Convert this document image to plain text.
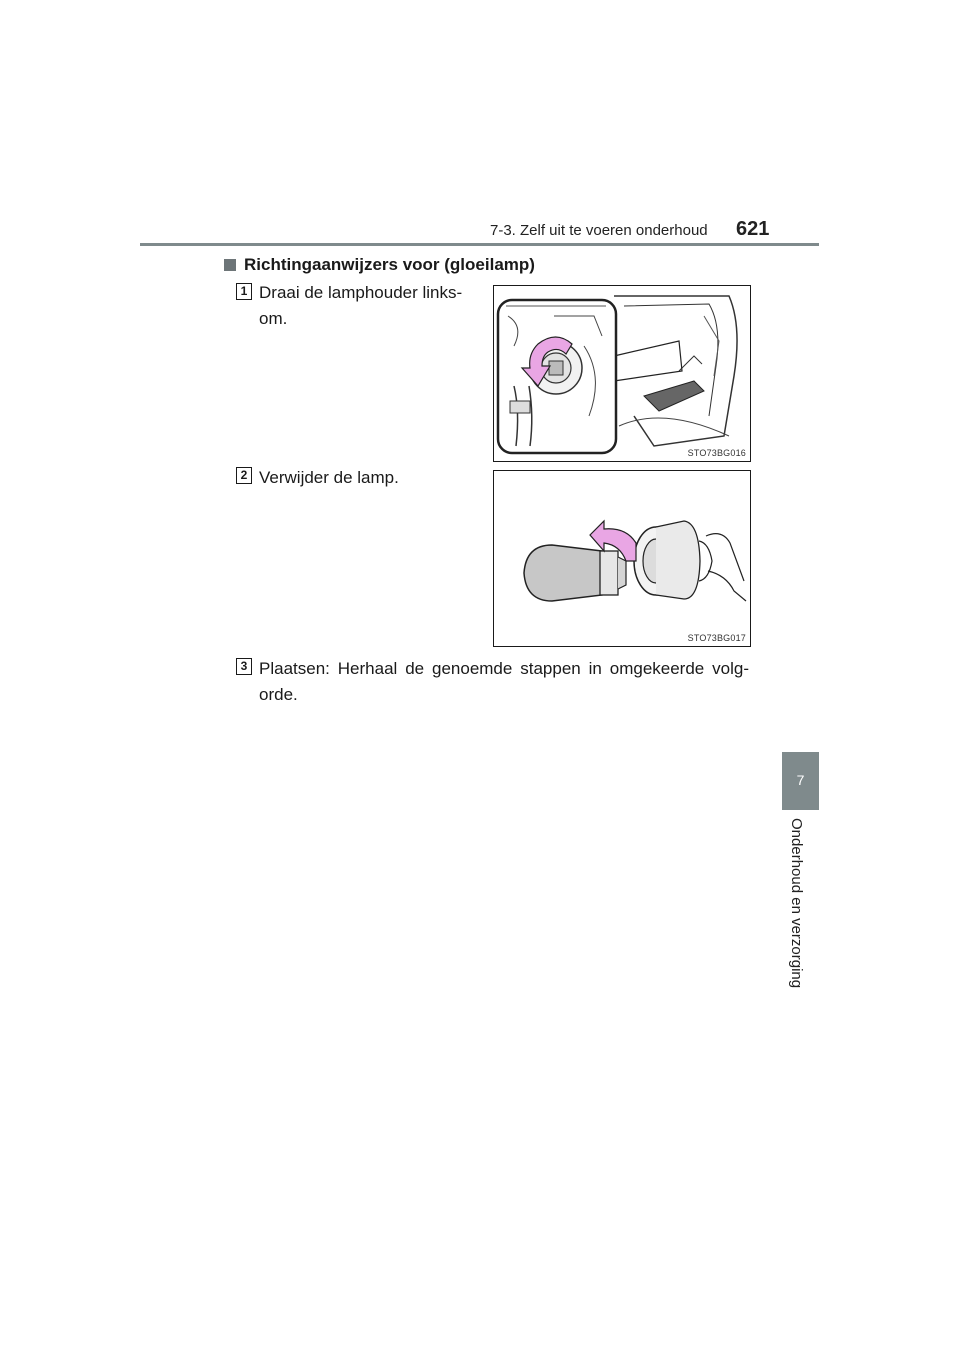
7-3. Zelf uit te voeren onderhoud 621
7
Onderhoud en verzorging
Richtingaanwijzers voor (gloeilamp)
1 Draai de lamphouder links-
om.
STO73BG016
2 Verwijder de lamp.
STO73BG017
3 Plaatsen: Herhaal de genoemde stappen in omgekeerde volg-
orde.
